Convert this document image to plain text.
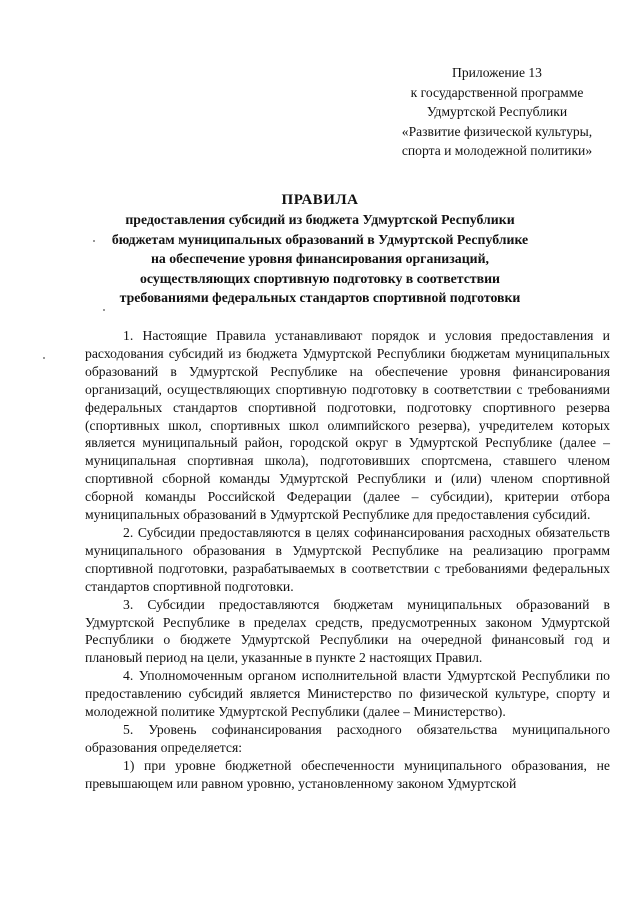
Приложение 13
к государственной программе
Удмуртской Республики
«Развитие физической культуры,
спорта и молодежной политики»
ПРАВИЛА
предоставления субсидий из бюджета Удмуртской Республики
бюджетам муниципальных образований в Удмуртской Республике
на обеспечение уровня финансирования организаций,
осуществляющих спортивную подготовку в соответствии
требованиями федеральных стандартов спортивной подготовки

1. Настоящие Правила устанавливают порядок и условия предоставления и расходования субсидий из бюджета Удмуртской Республики бюджетам муниципальных образований в Удмуртской Республике на обеспечение уровня финансирования организаций, осуществляющих спортивную подготовку в соответствии с требованиями федеральных стандартов спортивной подготовки, подготовку спортивного резерва (спортивных школ, спортивных школ олимпийского резерва), учредителем которых является муниципальный район, городской округ в Удмуртской Республике (далее – муниципальная спортивная школа), подготовивших спортсмена, ставшего членом спортивной сборной команды Удмуртской Республики и (или) членом спортивной сборной команды Российской Федерации (далее – субсидии), критерии отбора муниципальных образований в Удмуртской Республике для предоставления субсидий.

2. Субсидии предоставляются в целях софинансирования расходных обязательств муниципального образования в Удмуртской Республике на реализацию программ спортивной подготовки, разрабатываемых в соответствии с требованиями федеральных стандартов спортивной подготовки.

3. Субсидии предоставляются бюджетам муниципальных образований в Удмуртской Республике в пределах средств, предусмотренных законом Удмуртской Республики о бюджете Удмуртской Республики на очередной финансовый год и плановый период на цели, указанные в пункте 2 настоящих Правил.

4. Уполномоченным органом исполнительной власти Удмуртской Республики по предоставлению субсидий является Министерство по физической культуре, спорту и молодежной политике Удмуртской Республики (далее – Министерство).

5. Уровень софинансирования расходного обязательства муниципального образования определяется:

1) при уровне бюджетной обеспеченности муниципального образования, не превышающем или равном уровню, установленному законом Удмуртской
